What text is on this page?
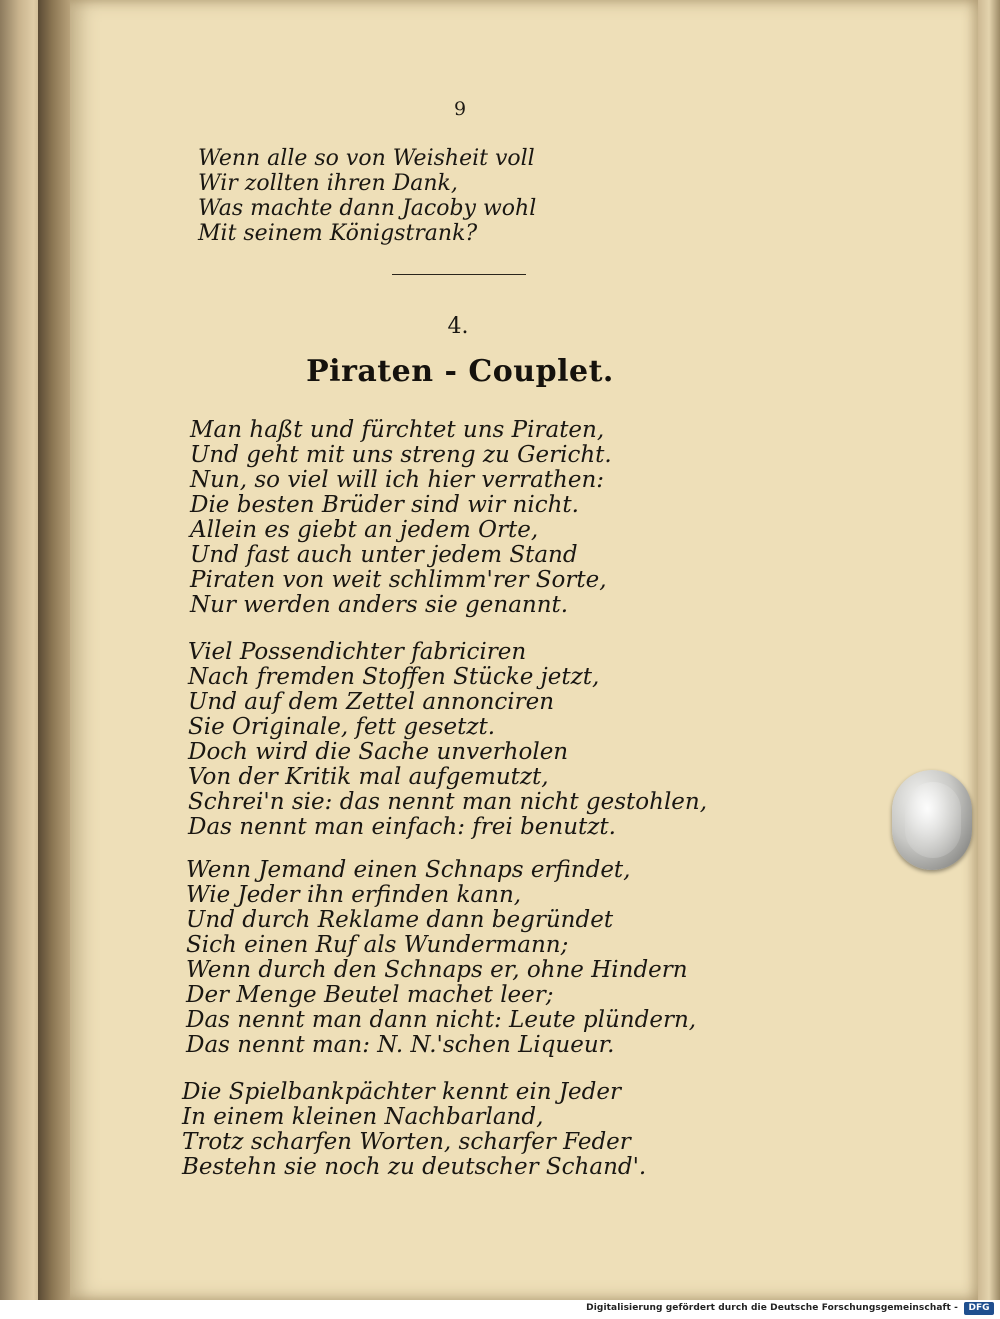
9
Wenn alle so von Weisheit voll
Wir zollten ihren Dank,
Was machte dann Jacoby wohl
Mit seinem Königstrank?
4.
Piraten - Couplet.
Man haßt und fürchtet uns Piraten,
Und geht mit uns streng zu Gericht.
Nun, so viel will ich hier verrathen:
Die besten Brüder sind wir nicht.
Allein es giebt an jedem Orte,
Und fast auch unter jedem Stand
Piraten von weit schlimm'rer Sorte,
Nur werden anders sie genannt.
Viel Possendichter fabriciren
Nach fremden Stoffen Stücke jetzt,
Und auf dem Zettel annonciren
Sie Originale, fett gesetzt.
Doch wird die Sache unverholen
Von der Kritik mal aufgemutzt,
Schrei'n sie: das nennt man nicht gestohlen,
Das nennt man einfach: frei benutzt.
Wenn Jemand einen Schnaps erfindet,
Wie Jeder ihn erfinden kann,
Und durch Reklame dann begründet
Sich einen Ruf als Wundermann;
Wenn durch den Schnaps er, ohne Hindern
Der Menge Beutel machet leer;
Das nennt man dann nicht: Leute plündern,
Das nennt man: N. N.'schen Liqueur.
Die Spielbankpächter kennt ein Jeder
In einem kleinen Nachbarland,
Trotz scharfen Worten, scharfer Feder
Bestehn sie noch zu deutscher Schand'.
Digitalisierung gefördert durch die Deutsche Forschungsgemeinschaft -	DFG
